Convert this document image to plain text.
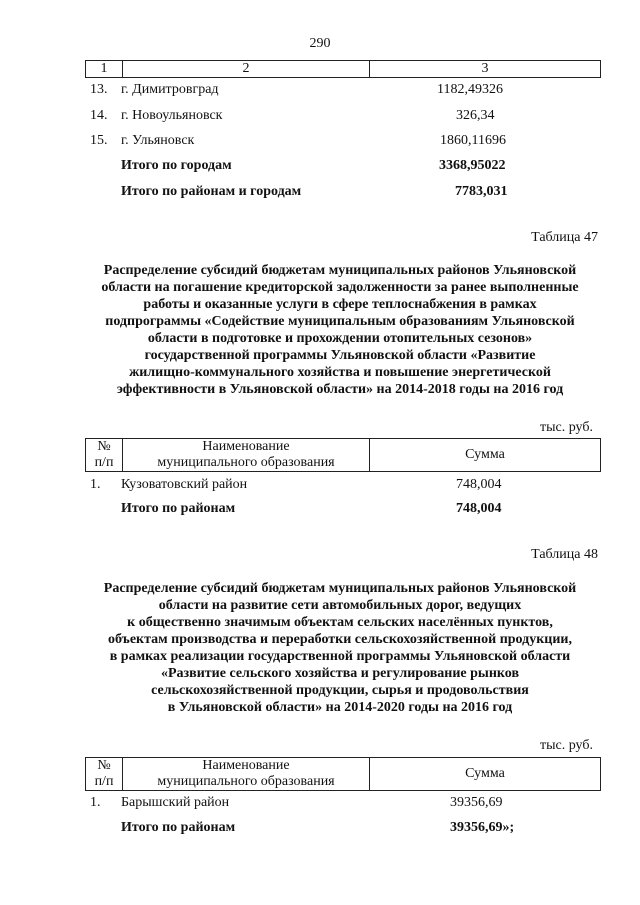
290
1	2	3
13. г. Димитровград	1182,49326
14. г. Новоульяновск	326,34
15. г. Ульяновск	1860,11696
Итого по городам	3368,95022
Итого по районам и городам	7783,031
Таблица 47
Распределение субсидий бюджетам муниципальных районов Ульяновской
области на погашение кредиторской задолженности за ранее выполненные
работы и оказанные услуги в сфере теплоснабжения в рамках
подпрограммы «Содействие муниципальным образованиям Ульяновской
области в подготовке и прохождении отопительных сезонов»
государственной программы Ульяновской области «Развитие
жилищно-коммунального хозяйства и повышение энергетической
эффективности в Ульяновской области» на 2014-2018 годы на 2016 год
тыс. руб.
№
п/п

Наименование
муниципального образования
	Сумма
1. Кузоватовский район	748,004
Итого по районам	748,004
Таблица 48
Распределение субсидий бюджетам муниципальных районов Ульяновской
области на развитие сети автомобильных дорог, ведущих
к общественно значимым объектам сельских населённых пунктов,
объектам производства и переработки сельскохозяйственной продукции,
в рамках реализации государственной программы Ульяновской области
«Развитие сельского хозяйства и регулирование рынков
сельскохозяйственной продукции, сырья и продовольствия
в Ульяновской области» на 2014-2020 годы на 2016 год
тыс. руб.
№
п/п

Наименование
муниципального образования
	Сумма
1. Барышский район	39356,69
Итого по районам	39356,69»;
